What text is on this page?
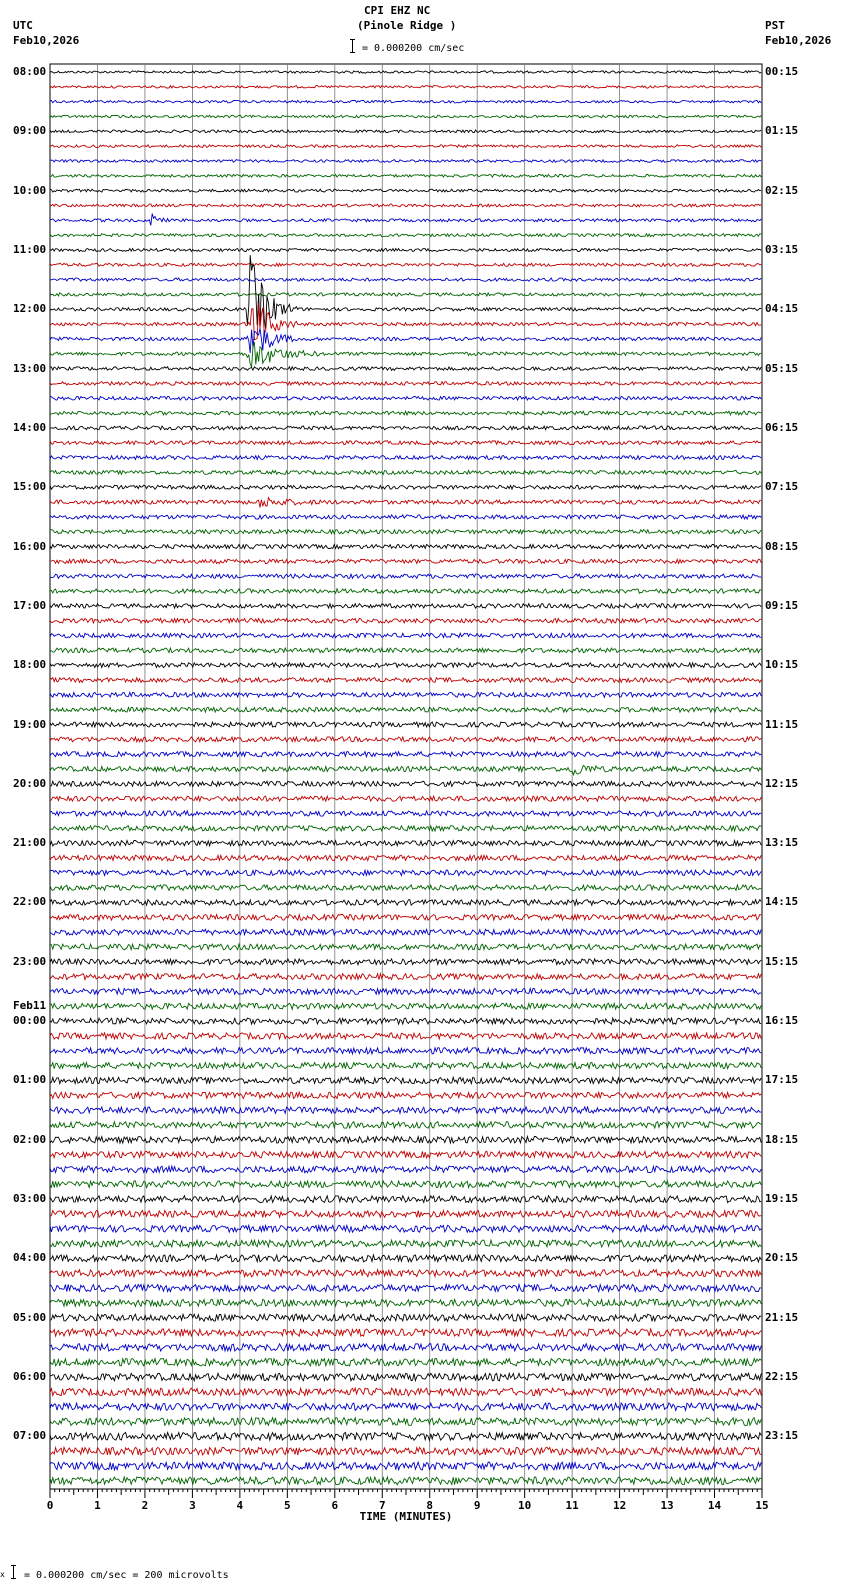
CPI EHZ NC
(Pinole Ridge )
= 0.000200 cm/sec
UTC
Feb10,2026
PST
Feb10,2026
0	1	2	3	4	5	6	7	8	9	10	11	12	13	14	15
TIME (MINUTES)
08:00
09:00
10:00
11:00
12:00
13:00
14:00
15:00
16:00
17:00
18:00
19:00
20:00
21:00
22:00
23:00
00:00
Feb11
01:00
02:00
03:00
04:00
05:00
06:00
07:00
00:15
01:15
02:15
03:15
04:15
05:15
06:15
07:15
08:15
09:15
10:15
11:15
12:15
13:15
14:15
15:15
16:15
17:15
18:15
19:15
20:15
21:15
22:15
23:15
x = 0.000200 cm/sec = 200 microvolts
